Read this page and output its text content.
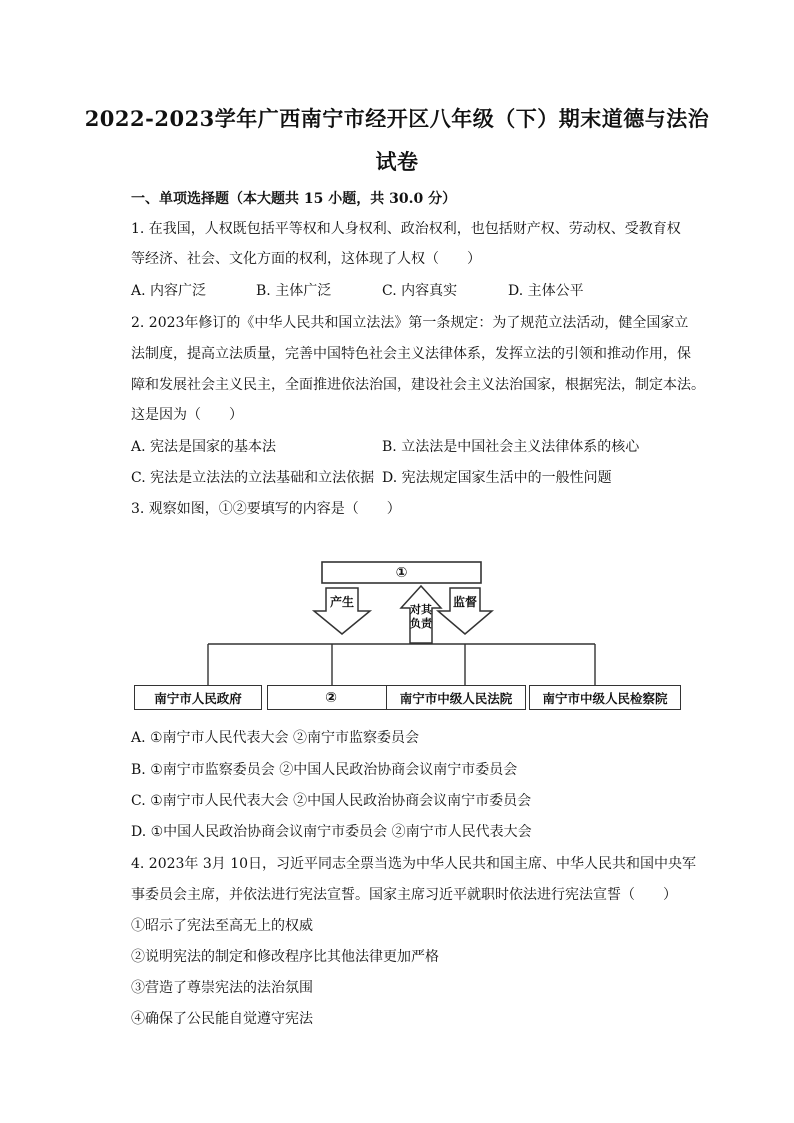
2022-2023学年广西南宁市经开区八年级（下）期末道德与法治
试卷
一、单项选择题（本大题共 15 小题，共 30.0 分）
1. 在我国，人权既包括平等权和人身权利、政治权利，也包括财产权、劳动权、受教育权
等经济、社会、文化方面的权利，这体现了人权（　　）
A. 内容广泛	B. 主体广泛	C. 内容真实	D. 主体公平
2. 2023年修订的《中华人民共和国立法法》第一条规定：为了规范立法活动，健全国家立
法制度，提高立法质量，完善中国特色社会主义法律体系，发挥立法的引领和推动作用，保
障和发展社会主义民主，全面推进依法治国，建设社会主义法治国家，根据宪法，制定本法。
这是因为（　　）
A. 宪法是国家的基本法	B. 立法法是中国社会主义法律体系的核心
C. 宪法是立法法的立法基础和立法依据 D. 宪法规定国家生活中的一般性问题
3. 观察如图，①②要填写的内容是（　　）
①
产生
对其负责
监督
南宁市人民政府	②	南宁市中级人民法院	南宁市中级人民检察院
A. ①南宁市人民代表大会 ②南宁市监察委员会
B. ①南宁市监察委员会 ②中国人民政治协商会议南宁市委员会
C. ①南宁市人民代表大会 ②中国人民政治协商会议南宁市委员会
D. ①中国人民政治协商会议南宁市委员会 ②南宁市人民代表大会
4. 2023年 3月 10日，习近平同志全票当选为中华人民共和国主席、中华人民共和国中央军
事委员会主席，并依法进行宪法宣誓。国家主席习近平就职时依法进行宪法宣誓（　　）
①昭示了宪法至高无上的权威
②说明宪法的制定和修改程序比其他法律更加严格
③营造了尊崇宪法的法治氛围
④确保了公民能自觉遵守宪法
